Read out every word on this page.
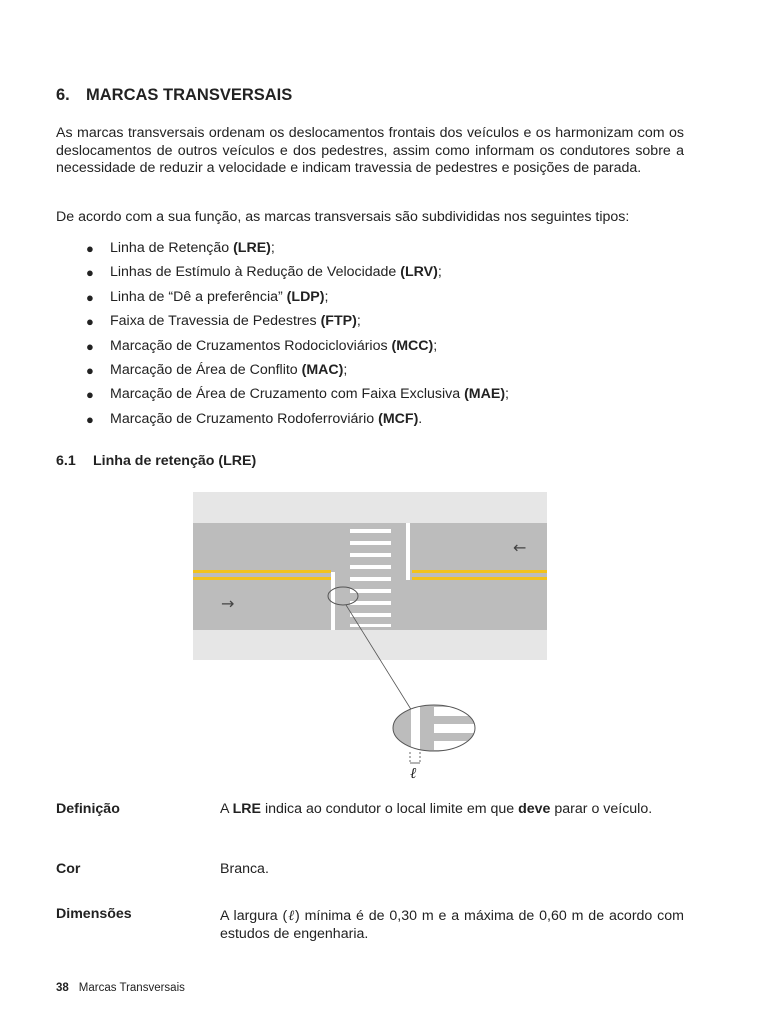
6. MARCAS TRANSVERSAIS
As marcas transversais ordenam os deslocamentos frontais dos veículos e os harmonizam com os deslocamentos de outros veículos e dos pedestres, assim como informam os condutores sobre a necessidade de reduzir a velocidade e indicam travessia de pedestres e posições de parada.
De acordo com a sua função, as marcas transversais são subdivididas nos seguintes tipos:
● Linha de Retenção (LRE);
● Linhas de Estímulo à Redução de Velocidade (LRV);
● Linha de “Dê a preferência” (LDP);
● Faixa de Travessia de Pedestres (FTP);
● Marcação de Cruzamentos Rodocicloviários (MCC);
● Marcação de Área de Conflito (MAC);
● Marcação de Área de Cruzamento com Faixa Exclusiva (MAE);
● Marcação de Cruzamento Rodoferroviário (MCF).
6.1 Linha de retenção (LRE)
←
→
ℓ
Definição	A LRE indica ao condutor o local limite em que deve parar o veículo.
Cor	Branca.
Dimensões	A largura (ℓ) mínima é de 0,30 m e a máxima de 0,60 m de acordo com estudos de engenharia.
38 Marcas Transversais
